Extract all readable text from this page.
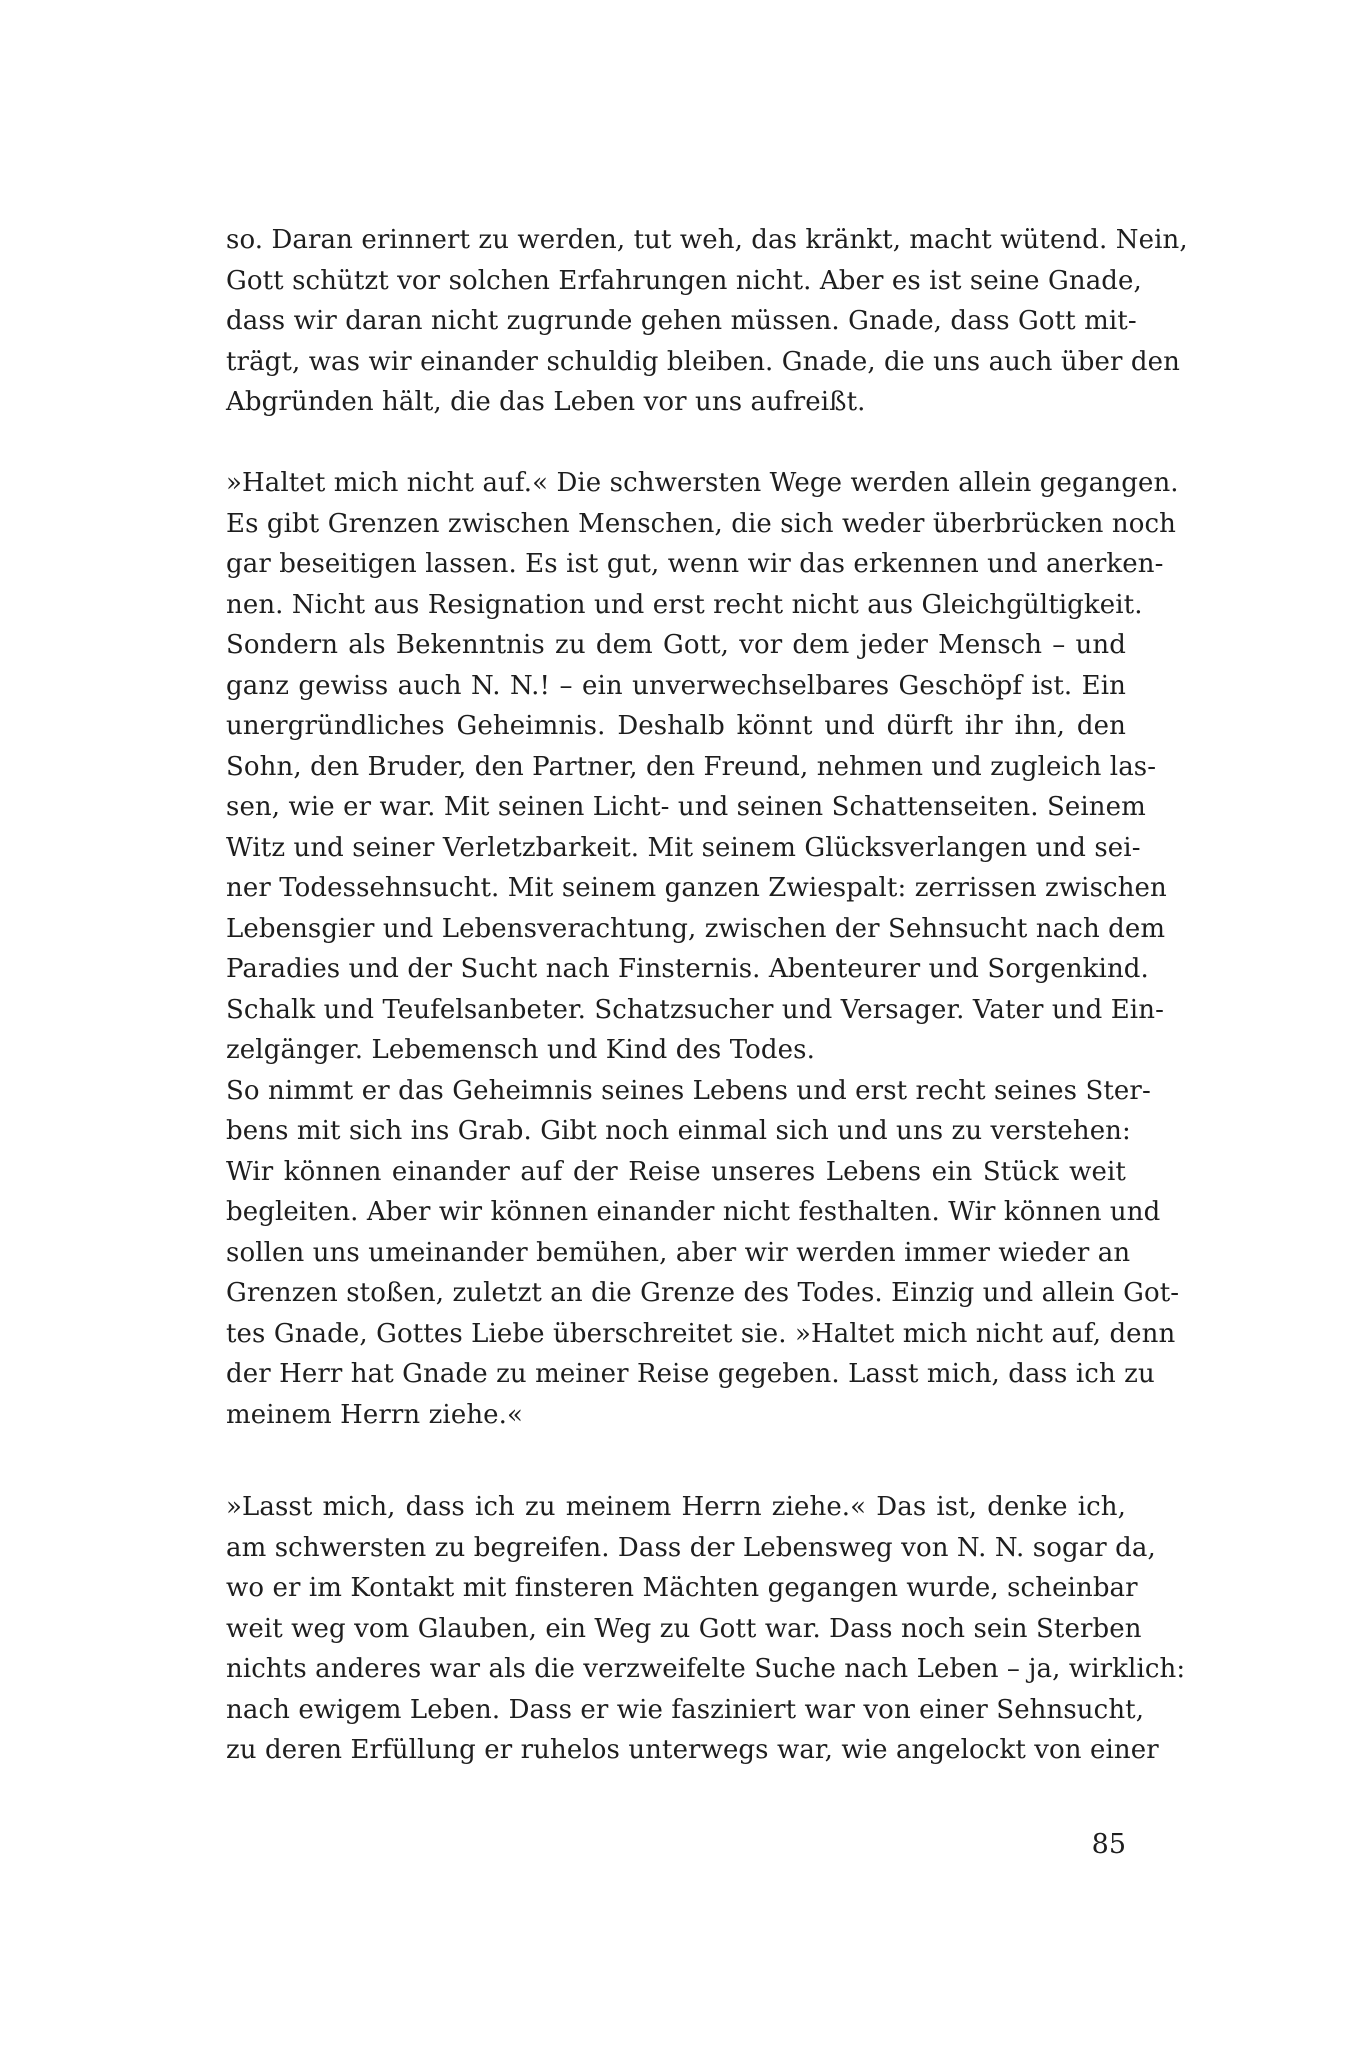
so. Daran erinnert zu werden, tut weh, das kränkt, macht wütend. Nein,
Gott schützt vor solchen Erfahrungen nicht. Aber es ist seine Gnade,
dass wir daran nicht zugrunde gehen müssen. Gnade, dass Gott mit-
trägt, was wir einander schuldig bleiben. Gnade, die uns auch über den
Abgründen hält, die das Leben vor uns aufreißt.
»Haltet mich nicht auf.« Die schwersten Wege werden allein gegangen.
Es gibt Grenzen zwischen Menschen, die sich weder überbrücken noch
gar beseitigen lassen. Es ist gut, wenn wir das erkennen und anerken-
nen. Nicht aus Resignation und erst recht nicht aus Gleichgültigkeit.
Sondern als Bekenntnis zu dem Gott, vor dem jeder Mensch – und
ganz gewiss auch N. N.! – ein unverwechselbares Geschöpf ist. Ein
unergründliches Geheimnis. Deshalb könnt und dürft ihr ihn, den
Sohn, den Bruder, den Partner, den Freund, nehmen und zugleich las-
sen, wie er war. Mit seinen Licht- und seinen Schattenseiten. Seinem
Witz und seiner Verletzbarkeit. Mit seinem Glücksverlangen und sei-
ner Todessehnsucht. Mit seinem ganzen Zwiespalt: zerrissen zwischen
Lebensgier und Lebensverachtung, zwischen der Sehnsucht nach dem
Paradies und der Sucht nach Finsternis. Abenteurer und Sorgenkind.
Schalk und Teufelsanbeter. Schatzsucher und Versager. Vater und Ein-
zelgänger. Lebemensch und Kind des Todes.
So nimmt er das Geheimnis seines Lebens und erst recht seines Ster-
bens mit sich ins Grab. Gibt noch einmal sich und uns zu verstehen:
Wir können einander auf der Reise unseres Lebens ein Stück weit
begleiten. Aber wir können einander nicht festhalten. Wir können und
sollen uns umeinander bemühen, aber wir werden immer wieder an
Grenzen stoßen, zuletzt an die Grenze des Todes. Einzig und allein Got-
tes Gnade, Gottes Liebe überschreitet sie. »Haltet mich nicht auf, denn
der Herr hat Gnade zu meiner Reise gegeben. Lasst mich, dass ich zu
meinem Herrn ziehe.«
»Lasst mich, dass ich zu meinem Herrn ziehe.« Das ist, denke ich,
am schwersten zu begreifen. Dass der Lebensweg von N. N. sogar da,
wo er im Kontakt mit finsteren Mächten gegangen wurde, scheinbar
weit weg vom Glauben, ein Weg zu Gott war. Dass noch sein Sterben
nichts anderes war als die verzweifelte Suche nach Leben – ja, wirklich:
nach ewigem Leben. Dass er wie fasziniert war von einer Sehnsucht,
zu deren Erfüllung er ruhelos unterwegs war, wie angelockt von einer
85
